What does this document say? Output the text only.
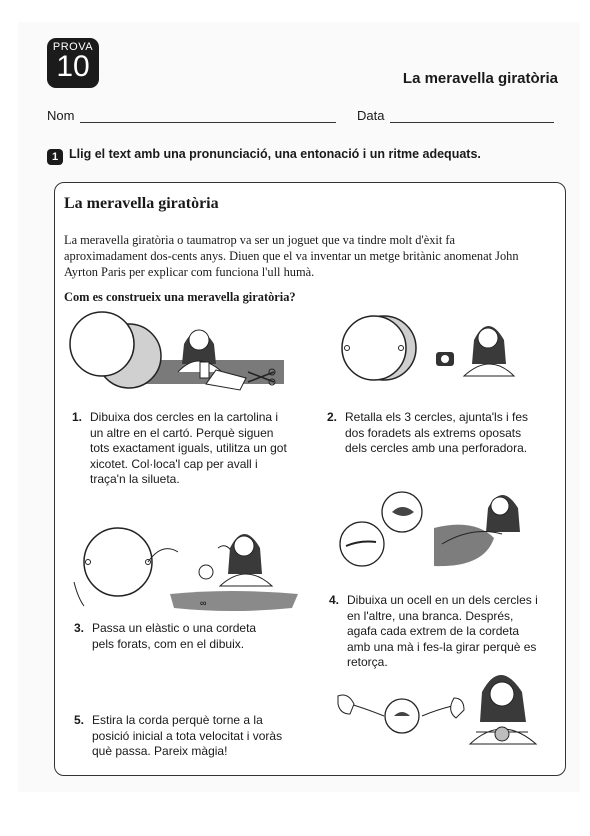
PROVA
10	La meravella giratòria
Nom	Data
1 Llig el text amb una pronunciació, una entonació i un ritme adequats.
La meravella giratòria
La meravella giratòria o taumatrop va ser un joguet que va tindre molt d'èxit fa aproximadament dos-cents anys. Diuen que el va inventar un metge britànic anomenat John Ayrton Paris per explicar com funciona l'ull humà.
Com es construeix una meravella giratòria?
∞
1. Dibuixa dos cercles en la cartolina i un altre en el cartó. Perquè siguen tots exactament iguals, utilitza un got xicotet. Col·loca'l cap per avall i traça'n la silueta.
2. Retalla els 3 cercles, ajunta'ls i fes dos foradets als extrems oposats dels cercles amb una perforadora.
3. Passa un elàstic o una cordeta pels forats, com en el dibuix.
4. Dibuixa un ocell en un dels cercles i en l'altre, una branca. Després, agafa cada extrem de la cordeta amb una mà i fes-la girar perquè es retorça.
5. Estira la corda perquè torne a la posició inicial a tota velocitat i voràs què passa. Pareix màgia!
